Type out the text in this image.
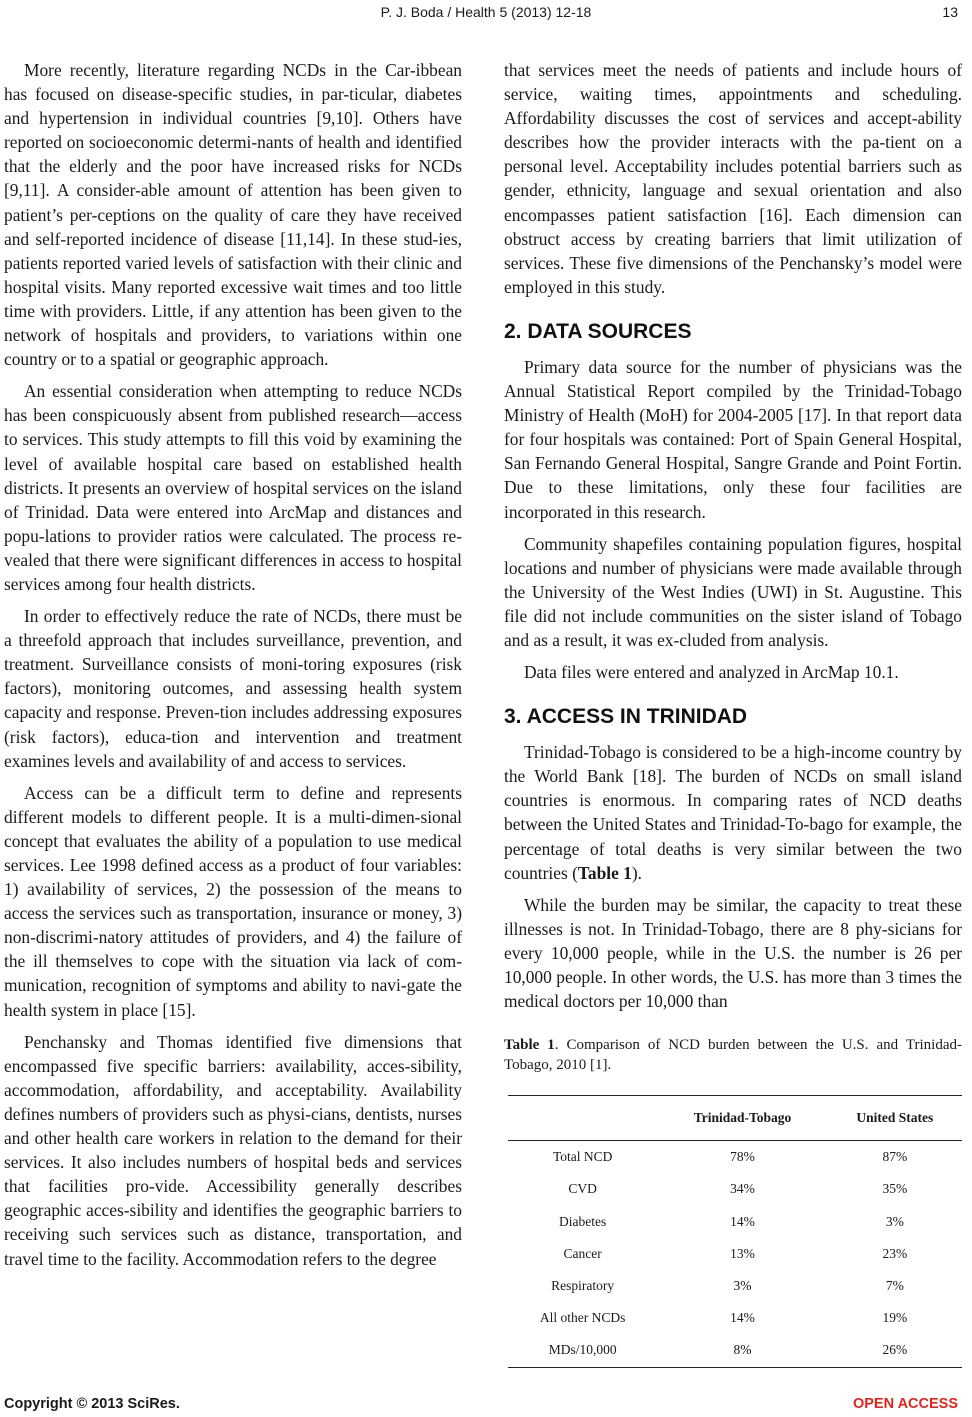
P. J. Boda / Health 5 (2013) 12-18	13

More recently, literature regarding NCDs in the Car-ibbean has focused on disease-specific studies, in par-ticular, diabetes and hypertension in individual countries [9,10]. Others have reported on socioeconomic determi-nants of health and identified that the elderly and the poor have increased risks for NCDs [9,11]. A consider-able amount of attention has been given to patient’s per-ceptions on the quality of care they have received and self-reported incidence of disease [11,14]. In these stud-ies, patients reported varied levels of satisfaction with their clinic and hospital visits. Many reported excessive wait times and too little time with providers. Little, if any attention has been given to the network of hospitals and providers, to variations within one country or to a spatial or geographic approach.

An essential consideration when attempting to reduce NCDs has been conspicuously absent from published research—access to services. This study attempts to fill this void by examining the level of available hospital care based on established health districts. It presents an overview of hospital services on the island of Trinidad. Data were entered into ArcMap and distances and popu-lations to provider ratios were calculated. The process re-vealed that there were significant differences in access to hospital services among four health districts.

In order to effectively reduce the rate of NCDs, there must be a threefold approach that includes surveillance, prevention, and treatment. Surveillance consists of moni-toring exposures (risk factors), monitoring outcomes, and assessing health system capacity and response. Preven-tion includes addressing exposures (risk factors), educa-tion and intervention and treatment examines levels and availability of and access to services.

Access can be a difficult term to define and represents different models to different people. It is a multi-dimen-sional concept that evaluates the ability of a population to use medical services. Lee 1998 defined access as a product of four variables: 1) availability of services, 2) the possession of the means to access the services such as transportation, insurance or money, 3) non-discrimi-natory attitudes of providers, and 4) the failure of the ill themselves to cope with the situation via lack of com-munication, recognition of symptoms and ability to navi-gate the health system in place [15].

Penchansky and Thomas identified five dimensions that encompassed five specific barriers: availability, acces-sibility, accommodation, affordability, and acceptability. Availability defines numbers of providers such as physi-cians, dentists, nurses and other health care workers in relation to the demand for their services. It also includes numbers of hospital beds and services that facilities pro-vide. Accessibility generally describes geographic acces-sibility and identifies the geographic barriers to receiving such services such as distance, transportation, and travel time to the facility. Accommodation refers to the degree

that services meet the needs of patients and include hours of service, waiting times, appointments and scheduling. Affordability discusses the cost of services and accept-ability describes how the provider interacts with the pa-tient on a personal level. Acceptability includes potential barriers such as gender, ethnicity, language and sexual orientation and also encompasses patient satisfaction [16]. Each dimension can obstruct access by creating barriers that limit utilization of services. These five dimensions of the Penchansky’s model were employed in this study.

2. DATA SOURCES

Primary data source for the number of physicians was the Annual Statistical Report compiled by the Trinidad-Tobago Ministry of Health (MoH) for 2004-2005 [17]. In that report data for four hospitals was contained: Port of Spain General Hospital, San Fernando General Hospital, Sangre Grande and Point Fortin. Due to these limitations, only these four facilities are incorporated in this research.

Community shapefiles containing population figures, hospital locations and number of physicians were made available through the University of the West Indies (UWI) in St. Augustine. This file did not include communities on the sister island of Tobago and as a result, it was ex-cluded from analysis.

Data files were entered and analyzed in ArcMap 10.1.

3. ACCESS IN TRINIDAD

Trinidad-Tobago is considered to be a high-income country by the World Bank [18]. The burden of NCDs on small island countries is enormous. In comparing rates of NCD deaths between the United States and Trinidad-To-bago for example, the percentage of total deaths is very similar between the two countries (Table 1).

While the burden may be similar, the capacity to treat these illnesses is not. In Trinidad-Tobago, there are 8 phy-sicians for every 10,000 people, while in the U.S. the number is 26 per 10,000 people. In other words, the U.S. has more than 3 times the medical doctors per 10,000 than

Table 1. Comparison of NCD burden between the U.S. and Trinidad-Tobago, 2010 [1].

	Trinidad-Tobago	United States
Total NCD	78%	87%
CVD	34%	35%
Diabetes	14%	3%
Cancer	13%	23%
Respiratory	3%	7%
All other NCDs	14%	19%
MDs/10,000	8%	26%
Copyright © 2013 SciRes.	OPEN ACCESS
